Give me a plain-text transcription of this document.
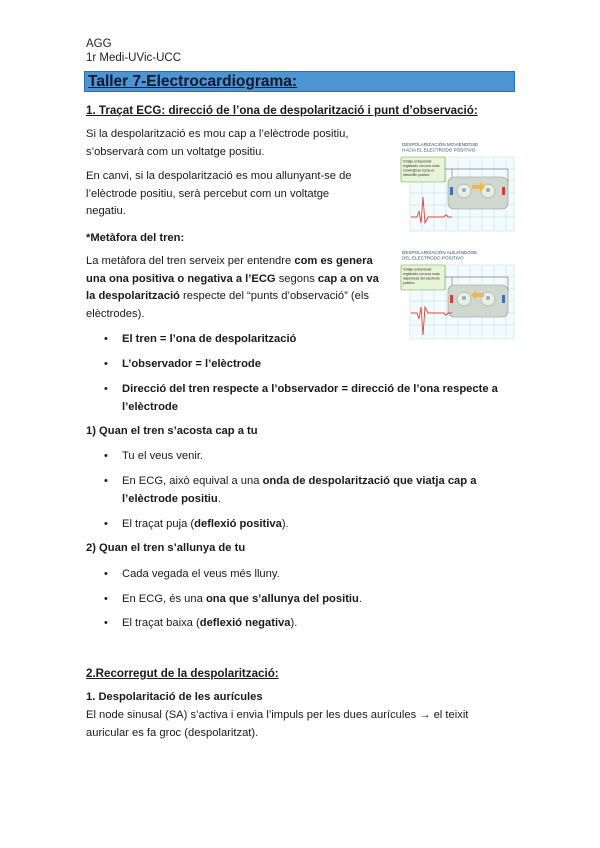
AGG
1r Medi-UVic-UCC
Taller 7-Electrocardiograma:
1. Traçat ECG: direcció de l’ona de despolarització i punt d’observació:
Si la despolarització es mou cap a l’elèctrode positiu, s’observarà com un voltatge positiu.
En canvi, si la despolarització es mou allunyant-se de l’elèctrode positiu, serà percebut com un voltatge negatiu.
*Metàfora del tren:
La metàfora del tren serveix per entendre com es genera una ona positiva o negativa a l’ECG segons cap a on va la despolarització respecte del “punts d’observació” (els elèctrodes).
• El tren = l’ona de despolarització
• L’observador = l’elèctrode
• Direcció del tren respecte a l’observador = direcció de l’ona respecte a l’elèctrode
1) Quan el tren s’acosta cap a tu
• Tu el veus venir.
• En ECG, això equival a una onda de despolarització que viatja cap a l’elèctrode positiu.
• El traçat puja (deflexió positiva).
2) Quan el tren s’allunya de tu
• Cada vegada el veus més lluny.
• En ECG, és una ona que s’allunya del positiu.
• El traçat baixa (deflexió negativa).
2.Recorregut de la despolarització:
1. Despolaritació de les aurícules
El node sinusal (SA) s’activa i envia l’impuls per les dues aurícules → el teixit auricular es fa groc (despolaritzat).
DESPOLARIZACIÓN MOVIÉNDOSE
HACIA EL ELECTRODO POSITIVO
Voltaje extracelular
registrado con una onda
moviéndose hacia el
electrodo positivo
DESPOLARIZACIÓN ALEJÁNDOSE
DEL ELECTRODO POSITIVO
Voltaje extracelular
registrado con una onda
alejándose del electrodo
positivo
